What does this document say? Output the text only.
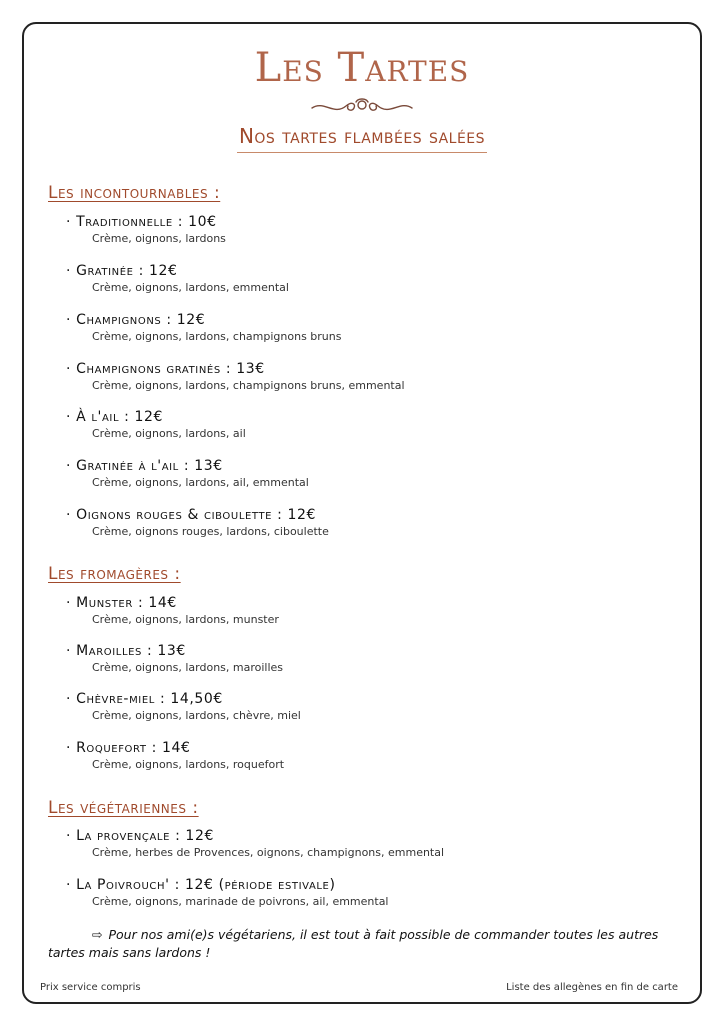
Les Tartes
Nos tartes flambées salées
Les incontournables :
· Traditionnelle : 10€
Crème, oignons, lardons
· Gratinée : 12€
Crème, oignons, lardons, emmental
· Champignons : 12€
Crème, oignons, lardons, champignons bruns
· Champignons gratinés : 13€
Crème, oignons, lardons, champignons bruns, emmental
· À l'ail : 12€
Crème, oignons, lardons, ail
· Gratinée à l'ail : 13€
Crème, oignons, lardons, ail, emmental
· Oignons rouges & ciboulette : 12€
Crème, oignons rouges, lardons, ciboulette
Les fromagères :
· Munster : 14€
Crème, oignons, lardons, munster
· Maroilles : 13€
Crème, oignons, lardons, maroilles
· Chèvre-miel : 14,50€
Crème, oignons, lardons, chèvre, miel
· Roquefort : 14€
Crème, oignons, lardons, roquefort
Les végétariennes :
· La provençale : 12€
Crème, herbes de Provences, oignons, champignons, emmental
· La Poivrouch' : 12€ (période estivale)
Crème, oignons, marinade de poivrons, ail, emmental
⇨ Pour nos ami(e)s végétariens, il est tout à fait possible de commander toutes les autres tartes mais sans lardons !
Prix service compris	Liste des allegènes en fin de carte
